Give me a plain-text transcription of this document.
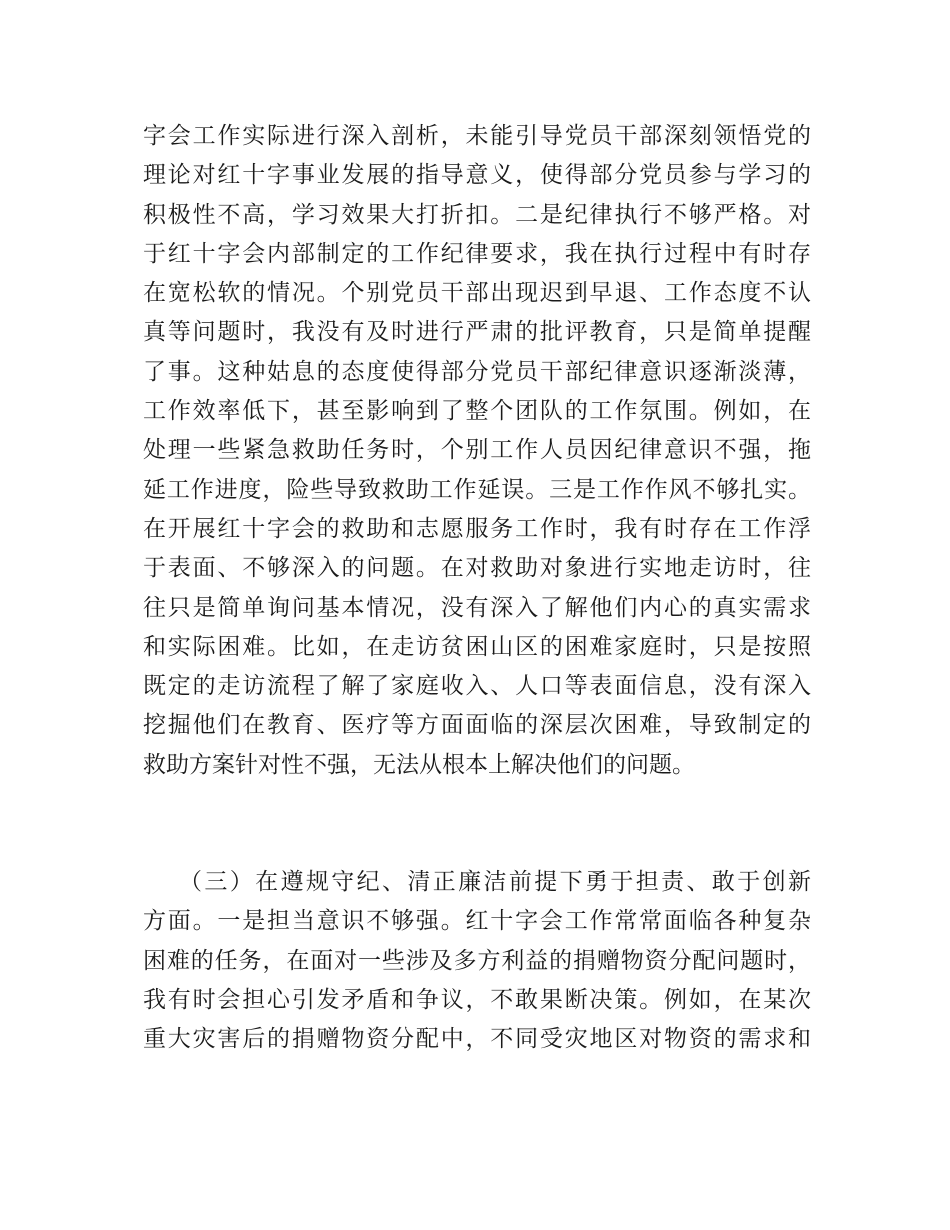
字会工作实际进行深入剖析，未能引导党员干部深刻领悟党的
理论对红十字事业发展的指导意义，使得部分党员参与学习的
积极性不高，学习效果大打折扣。二是纪律执行不够严格。对
于红十字会内部制定的工作纪律要求，我在执行过程中有时存
在宽松软的情况。个别党员干部出现迟到早退、工作态度不认
真等问题时，我没有及时进行严肃的批评教育，只是简单提醒
了事。这种姑息的态度使得部分党员干部纪律意识逐渐淡薄，
工作效率低下，甚至影响到了整个团队的工作氛围。例如，在
处理一些紧急救助任务时，个别工作人员因纪律意识不强，拖
延工作进度，险些导致救助工作延误。三是工作作风不够扎实。
在开展红十字会的救助和志愿服务工作时，我有时存在工作浮
于表面、不够深入的问题。在对救助对象进行实地走访时，往
往只是简单询问基本情况，没有深入了解他们内心的真实需求
和实际困难。比如，在走访贫困山区的困难家庭时，只是按照
既定的走访流程了解了家庭收入、人口等表面信息，没有深入
挖掘他们在教育、医疗等方面面临的深层次困难，导致制定的
救助方案针对性不强，无法从根本上解决他们的问题。
（三）在遵规守纪、清正廉洁前提下勇于担责、敢于创新
方面。一是担当意识不够强。红十字会工作常常面临各种复杂
困难的任务，在面对一些涉及多方利益的捐赠物资分配问题时，
我有时会担心引发矛盾和争议，不敢果断决策。例如，在某次
重大灾害后的捐赠物资分配中，不同受灾地区对物资的需求和
